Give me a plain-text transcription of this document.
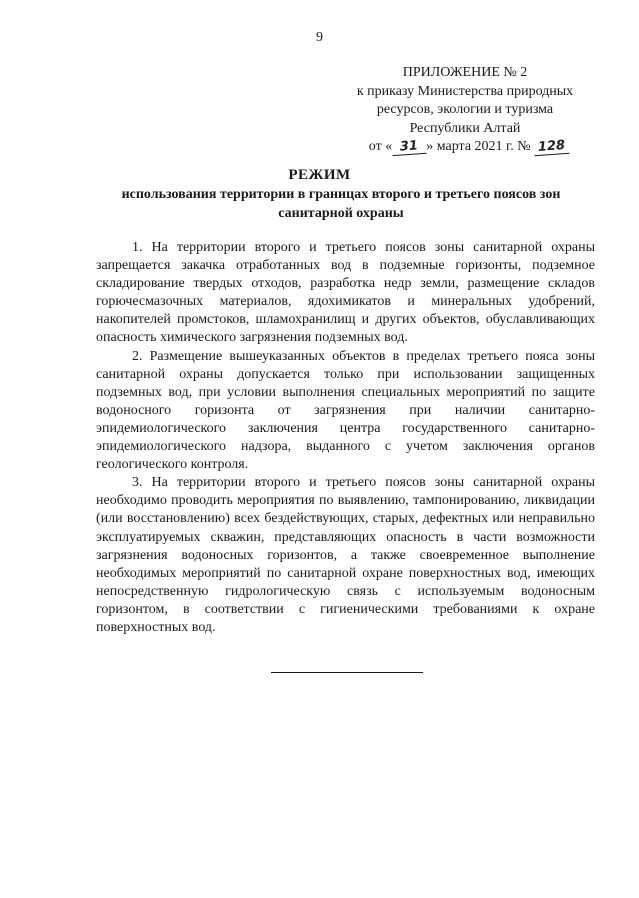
9
ПРИЛОЖЕНИЕ № 2
к приказу Министерства природных
ресурсов, экологии и туризма
Республики Алтай
от « 31 » марта 2021 г. № 128
РЕЖИМ
использования территории в границах второго и третьего поясов зон санитарной охраны

1. На территории второго и третьего поясов зоны санитарной охраны запрещается закачка отработанных вод в подземные горизонты, подземное складирование твердых отходов, разработка недр земли, размещение складов горючесмазочных материалов, ядохимикатов и минеральных удобрений, накопителей промстоков, шламохранилищ и других объектов, обуславливающих опасность химического загрязнения подземных вод.

2. Размещение вышеуказанных объектов в пределах третьего пояса зоны санитарной охраны допускается только при использовании защищенных подземных вод, при условии выполнения специальных мероприятий по защите водоносного горизонта от загрязнения при наличии санитарно-эпидемиологического заключения центра государственного санитарно-эпидемиологического надзора, выданного с учетом заключения органов геологического контроля.

3. На территории второго и третьего поясов зоны санитарной охраны необходимо проводить мероприятия по выявлению, тампонированию, ликвидации (или восстановлению) всех бездействующих, старых, дефектных или неправильно эксплуатируемых скважин, представляющих опасность в части возможности загрязнения водоносных горизонтов, а также своевременное выполнение необходимых мероприятий по санитарной охране поверхностных вод, имеющих непосредственную гидрологическую связь с используемым водоносным горизонтом, в соответствии с гигиеническими требованиями к охране поверхностных вод.
